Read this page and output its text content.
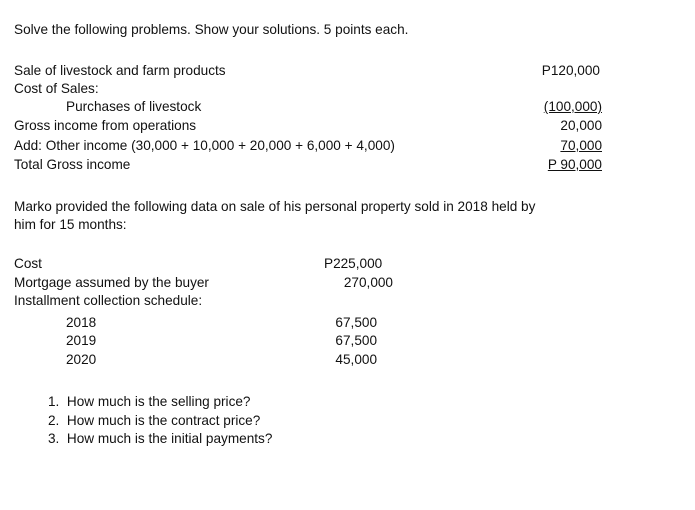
Solve the following problems. Show your solutions. 5 points each.
Sale of livestock and farm products	P120,000
Cost of Sales:
Purchases of livestock	(100,000)
Gross income from operations	20,000
Add: Other income (30,000 + 10,000 + 20,000 + 6,000 + 4,000)	70,000
Total Gross income	P 90,000
Marko provided the following data on sale of his personal property sold in 2018 held by
him for 15 months:
Cost	P225,000
Mortgage assumed by the buyer	270,000
Installment collection schedule:
2018	67,500
2019	67,500
2020	45,000
1.  How much is the selling price?
2.  How much is the contract price?
3.  How much is the initial payments?
